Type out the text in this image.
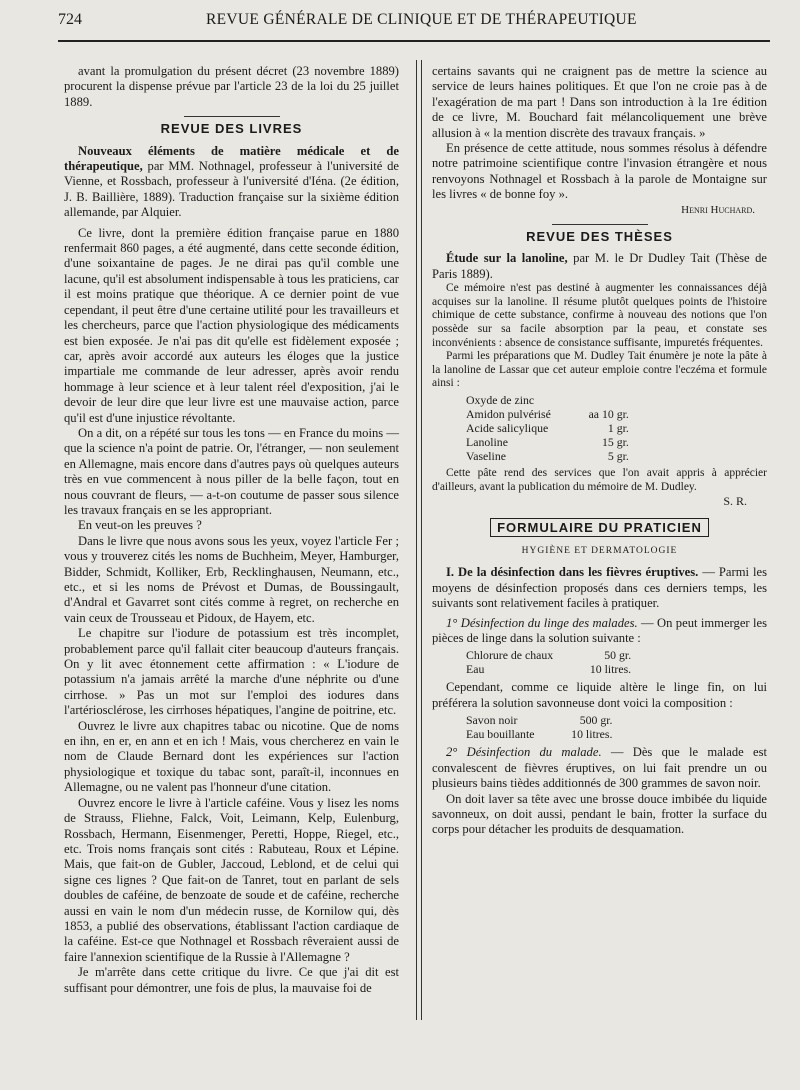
724	REVUE GÉNÉRALE DE CLINIQUE ET DE THÉRAPEUTIQUE

avant la promulgation du présent décret (23 novembre 1889) procurent la dispense prévue par l'article 23 de la loi du 25 juillet 1889.

REVUE DES LIVRES

Nouveaux éléments de matière médicale et de thérapeutique, par MM. Nothnagel, professeur à l'université de Vienne, et Rossbach, professeur à l'université d'Iéna. (2e édition, J. B. Baillière, 1889). Traduction française sur la sixième édition allemande, par Alquier.

Ce livre, dont la première édition française parue en 1880 renfermait 860 pages, a été augmenté, dans cette seconde édition, d'une soixantaine de pages. Je ne dirai pas qu'il comble une lacune, qu'il est absolument indispensable à tous les praticiens, car il est moins pratique que théorique. A ce dernier point de vue cependant, il peut être d'une certaine utilité pour les travailleurs et les chercheurs, parce que l'action physiologique des médicaments est bien exposée. Je n'ai pas dit qu'elle est fidèlement exposée ; car, après avoir accordé aux auteurs les éloges que la justice impartiale me commande de leur adresser, après avoir rendu hommage à leur science et à leur talent réel d'exposition, j'ai le devoir de leur dire que leur livre est une mauvaise action, parce qu'il est d'une injustice révoltante.

On a dit, on a répété sur tous les tons — en France du moins — que la science n'a point de patrie. Or, l'étranger, — non seulement en Allemagne, mais encore dans d'autres pays où quelques auteurs très en vue commencent à nous piller de la belle façon, tout en nous couvrant de fleurs, — a-t-on coutume de passer sous silence les travaux français en se les appropriant.

En veut-on les preuves ?

Dans le livre que nous avons sous les yeux, voyez l'article Fer ; vous y trouverez cités les noms de Buchheim, Meyer, Hamburger, Bidder, Schmidt, Kolliker, Erb, Recklinghausen, Neumann, etc., etc., et si les noms de Prévost et Dumas, de Boussingault, d'Andral et Gavarret sont cités comme à regret, on recherche en vain ceux de Trousseau et Pidoux, de Hayem, etc.

Le chapitre sur l'iodure de potassium est très incomplet, probablement parce qu'il fallait citer beaucoup d'auteurs français. On y lit avec étonnement cette affirmation : « L'iodure de potassium n'a jamais arrêté la marche d'une néphrite ou d'une cirrhose. » Pas un mot sur l'emploi des iodures dans l'artériosclérose, les cirrhoses hépatiques, l'angine de poitrine, etc.

Ouvrez le livre aux chapitres tabac ou nicotine. Que de noms en ihn, en er, en ann et en ich ! Mais, vous chercherez en vain le nom de Claude Bernard dont les expériences sur l'action physiologique et toxique du tabac sont, paraît-il, inconnues en Allemagne, ou ne valent pas l'honneur d'une citation.

Ouvrez encore le livre à l'article caféine. Vous y lisez les noms de Strauss, Fliehne, Falck, Voit, Leimann, Kelp, Eulenburg, Rossbach, Hermann, Eisenmenger, Peretti, Hoppe, Riegel, etc., etc. Trois noms français sont cités : Rabuteau, Roux et Lépine. Mais, que fait-on de Gubler, Jaccoud, Leblond, et de celui qui signe ces lignes ? Que fait-on de Tanret, tout en parlant de sels doubles de caféine, de benzoate de soude et de caféine, recherche aussi en vain le nom d'un médecin russe, de Kornilow qui, dès 1853, a publié des observations, établissant l'action cardiaque de la caféine. Est-ce que Nothnagel et Rossbach rêveraient aussi de faire l'annexion scientifique de la Russie à l'Allemagne ?

Je m'arrête dans cette critique du livre. Ce que j'ai dit est suffisant pour démontrer, une fois de plus, la mauvaise foi de

certains savants qui ne craignent pas de mettre la science au service de leurs haines politiques. Et que l'on ne croie pas à de l'exagération de ma part ! Dans son introduction à la 1re édition de ce livre, M. Bouchard fait mélancoliquement une brève allusion à « la mention discrète des travaux français. »

En présence de cette attitude, nous sommes résolus à défendre notre patrimoine scientifique contre l'invasion étrangère et nous renvoyons Nothnagel et Rossbach à la parole de Montaigne sur les livres « de bonne foy ».

Henri Huchard.
REVUE DES THÈSES

Étude sur la lanoline, par M. le Dr Dudley Tait (Thèse de Paris 1889).

Ce mémoire n'est pas destiné à augmenter les connaissances déjà acquises sur la lanoline. Il résume plutôt quelques points de l'histoire chimique de cette substance, confirme à nouveau des notions que l'on possède sur sa facile absorption par la peau, et constate ses inconvénients : absence de consistance suffisante, impuretés fréquentes.

Parmi les préparations que M. Dudley Tait énumère je note la pâte à la lanoline de Lassar que cet auteur emploie contre l'eczéma et formule ainsi :

Oxyde de zinc	
Amidon pulvérisé	aa 10 gr.
Acide salicylique	1 gr.
Lanoline	15 gr.
Vaseline	5 gr.

Cette pâte rend des services que l'on avait appris à apprécier d'ailleurs, avant la publication du mémoire de M. Dudley.

S. R.
FORMULAIRE DU PRATICIEN
HYGIÈNE ET DERMATOLOGIE

I. De la désinfection dans les fièvres éruptives. — Parmi les moyens de désinfection proposés dans ces derniers temps, les suivants sont relativement faciles à pratiquer.

1° Désinfection du linge des malades. — On peut immerger les pièces de linge dans la solution suivante :

Chlorure de chaux	50 gr.
Eau	10 litres.

Cependant, comme ce liquide altère le linge fin, on lui préférera la solution savonneuse dont voici la composition :

Savon noir	500 gr.
Eau bouillante	10 litres.

2° Désinfection du malade. — Dès que le malade est convalescent de fièvres éruptives, on lui fait prendre un ou plusieurs bains tièdes additionnés de 300 grammes de savon noir.

On doit laver sa tête avec une brosse douce imbibée du liquide savonneux, on doit aussi, pendant le bain, frotter la surface du corps pour détacher les produits de desquamation.
